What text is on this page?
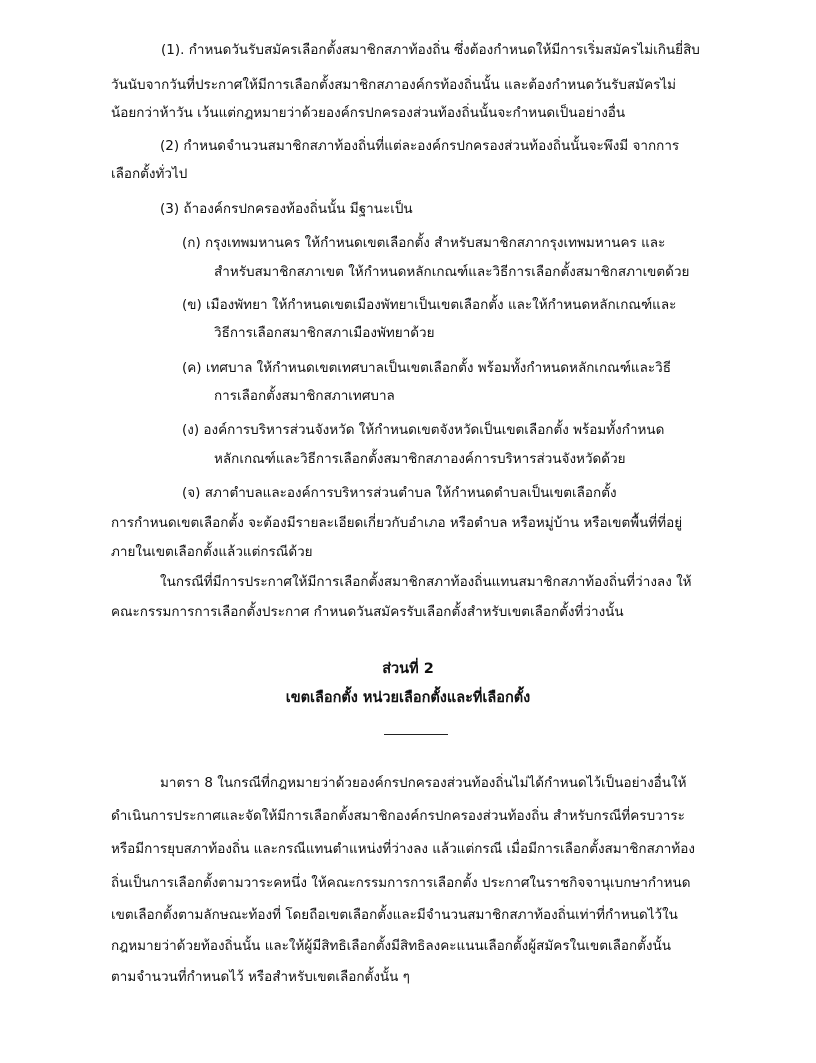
(1). กำหนดวันรับสมัครเลือกตั้งสมาชิกสภาท้องถิ่น ซึ่งต้องกำหนดให้มีการเริ่มสมัครไม่เกินยี่สิบ
วันนับจากวันที่ประกาศให้มีการเลือกตั้งสมาชิกสภาองค์กรท้องถิ่นนั้น และต้องกำหนดวันรับสมัครไม่
น้อยกว่าห้าวัน เว้นแต่กฎหมายว่าด้วยองค์กรปกครองส่วนท้องถิ่นนั้นจะกำหนดเป็นอย่างอื่น
(2) กำหนดจำนวนสมาชิกสภาท้องถิ่นที่แต่ละองค์กรปกครองส่วนท้องถิ่นนั้นจะพึงมี จากการ
เลือกตั้งทั่วไป
(3) ถ้าองค์กรปกครองท้องถิ่นนั้น มีฐานะเป็น
(ก) กรุงเทพมหานคร ให้กำหนดเขตเลือกตั้ง สำหรับสมาชิกสภากรุงเทพมหานคร และ
สำหรับสมาชิกสภาเขต ให้กำหนดหลักเกณฑ์และวิธีการเลือกตั้งสมาชิกสภาเขตด้วย
(ข) เมืองพัทยา ให้กำหนดเขตเมืองพัทยาเป็นเขตเลือกตั้ง และให้กำหนดหลักเกณฑ์และ
วิธีการเลือกสมาชิกสภาเมืองพัทยาด้วย
(ค) เทศบาล ให้กำหนดเขตเทศบาลเป็นเขตเลือกตั้ง พร้อมทั้งกำหนดหลักเกณฑ์และวิธี
การเลือกตั้งสมาชิกสภาเทศบาล
(ง) องค์การบริหารส่วนจังหวัด ให้กำหนดเขตจังหวัดเป็นเขตเลือกตั้ง พร้อมทั้งกำหนด
หลักเกณฑ์และวิธีการเลือกตั้งสมาชิกสภาองค์การบริหารส่วนจังหวัดด้วย
(จ) สภาตำบลและองค์การบริหารส่วนตำบล ให้กำหนดตำบลเป็นเขตเลือกตั้ง
การกำหนดเขตเลือกตั้ง จะต้องมีรายละเอียดเกี่ยวกับอำเภอ หรือตำบล หรือหมู่บ้าน หรือเขตพื้นที่ที่อยู่
ภายในเขตเลือกตั้งแล้วแต่กรณีด้วย
ในกรณีที่มีการประกาศให้มีการเลือกตั้งสมาชิกสภาท้องถิ่นแทนสมาชิกสภาท้องถิ่นที่ว่างลง ให้
คณะกรรมการการเลือกตั้งประกาศ กำหนดวันสมัครรับเลือกตั้งสำหรับเขตเลือกตั้งที่ว่างนั้น
ส่วนที่ 2
เขตเลือกตั้ง หน่วยเลือกตั้งและที่เลือกตั้ง
มาตรา 8 ในกรณีที่กฎหมายว่าด้วยองค์กรปกครองส่วนท้องถิ่นไม่ได้กำหนดไว้เป็นอย่างอื่นให้
ดำเนินการประกาศและจัดให้มีการเลือกตั้งสมาชิกองค์กรปกครองส่วนท้องถิ่น สำหรับกรณีที่ครบวาระ
หรือมีการยุบสภาท้องถิ่น และกรณีแทนตำแหน่งที่ว่างลง แล้วแต่กรณี เมื่อมีการเลือกตั้งสมาชิกสภาท้อง
ถิ่นเป็นการเลือกตั้งตามวาระคหนึ่ง ให้คณะกรรมการการเลือกตั้ง ประกาศในราชกิจจานุเบกษากำหนด
เขตเลือกตั้งตามลักษณะท้องที่ โดยถือเขตเลือกตั้งและมีจำนวนสมาชิกสภาท้องถิ่นเท่าที่กำหนดไว้ใน
กฎหมายว่าด้วยท้องถิ่นนั้น และให้ผู้มีสิทธิเลือกตั้งมีสิทธิลงคะแนนเลือกตั้งผู้สมัครในเขตเลือกตั้งนั้น
ตามจำนวนที่กำหนดไว้ หรือสำหรับเขตเลือกตั้งนั้น ๆ
